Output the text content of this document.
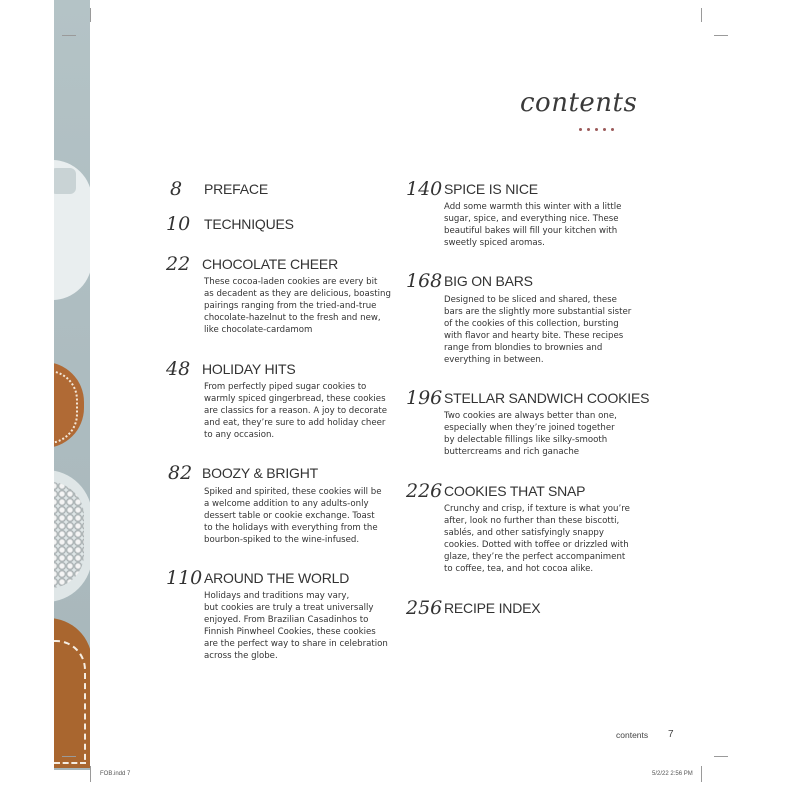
contents
8 PREFACE
10 TECHNIQUES
22 CHOCOLATE CHEER
These cocoa-laden cookies are every bit
as decadent as they are delicious, boasting
pairings ranging from the tried-and-true
chocolate-hazelnut to the fresh and new,
like chocolate-cardamom
48 HOLIDAY HITS
From perfectly piped sugar cookies to
warmly spiced gingerbread, these cookies
are classics for a reason. A joy to decorate
and eat, they’re sure to add holiday cheer
to any occasion.
82 BOOZY & BRIGHT
Spiked and spirited, these cookies will be
a welcome addition to any adults-only
dessert table or cookie exchange. Toast
to the holidays with everything from the
bourbon-spiked to the wine-infused.
110 AROUND THE WORLD
Holidays and traditions may vary,
but cookies are truly a treat universally
enjoyed. From Brazilian Casadinhos to
Finnish Pinwheel Cookies, these cookies
are the perfect way to share in celebration
across the globe.
140 SPICE IS NICE
Add some warmth this winter with a little
sugar, spice, and everything nice. These
beautiful bakes will fill your kitchen with
sweetly spiced aromas.
168 BIG ON BARS
Designed to be sliced and shared, these
bars are the slightly more substantial sister
of the cookies of this collection, bursting
with flavor and hearty bite. These recipes
range from blondies to brownies and
everything in between.
196 STELLAR SANDWICH COOKIES
Two cookies are always better than one,
especially when they’re joined together
by delectable fillings like silky-smooth
buttercreams and rich ganache
226 COOKIES THAT SNAP
Crunchy and crisp, if texture is what you’re
after, look no further than these biscotti,
sablés, and other satisfyingly snappy
cookies. Dotted with toffee or drizzled with
glaze, they’re the perfect accompaniment
to coffee, tea, and hot cocoa alike.
256 RECIPE INDEX
contents 7
FOB.indd 7	5/2/22 2:56 PM
